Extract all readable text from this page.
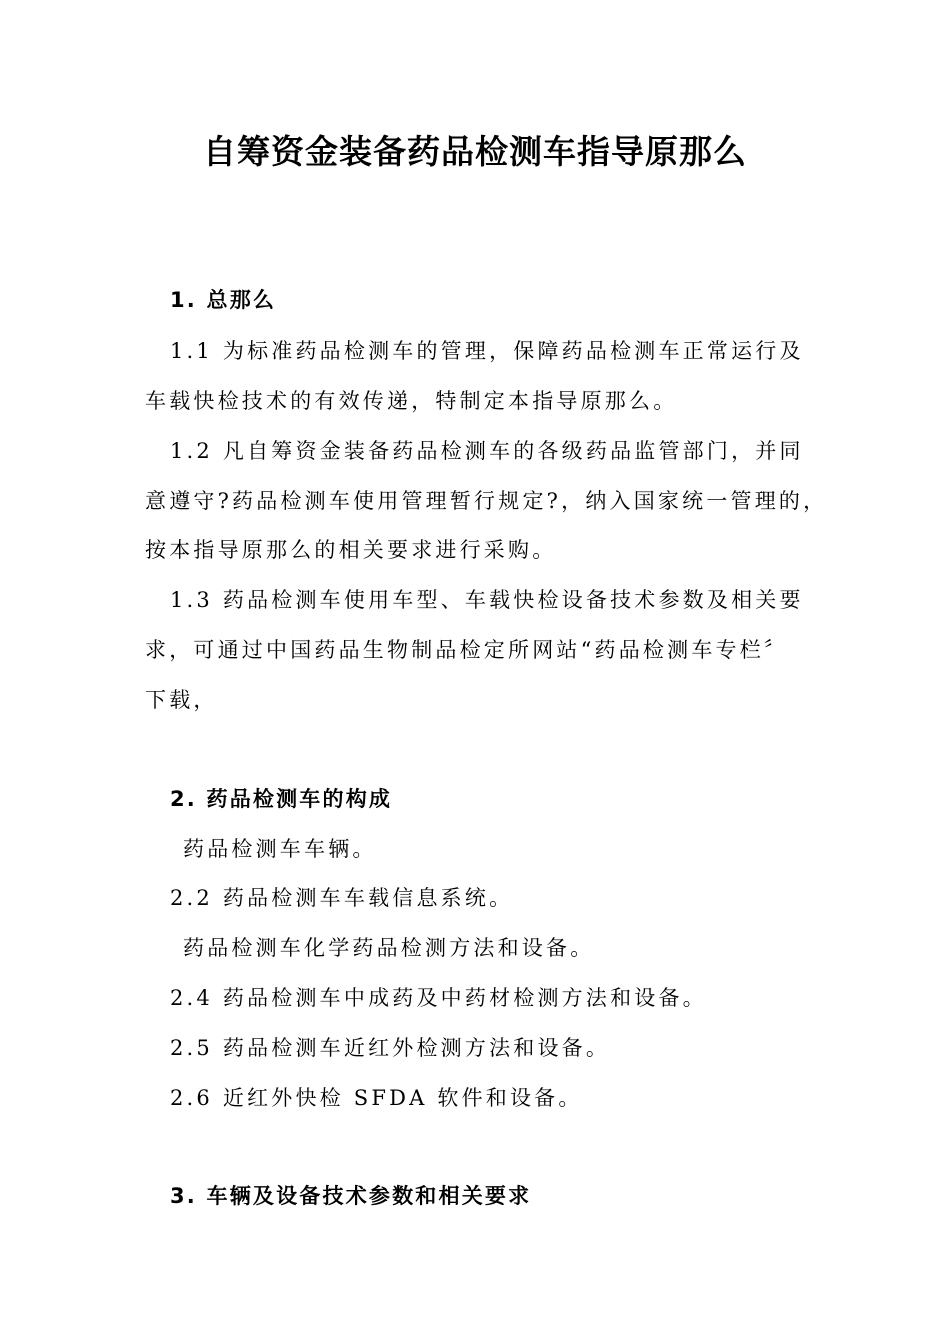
自筹资金装备药品检测车指导原那么

1. 总那么

1.1 为标准药品检测车的管理，保障药品检测车正常运行及

车载快检技术的有效传递，特制定本指导原那么。

1.2 凡自筹资金装备药品检测车的各级药品监管部门，并同

意遵守?药品检测车使用管理暂行规定?，纳入国家统一管理的，

按本指导原那么的相关要求进行采购。

1.3 药品检测车使用车型、车载快检设备技术参数及相关要

求，可通过中国药品生物制品检定所网站“药品检测车专栏〞

下载，

2. 药品检测车的构成

药品检测车车辆。

2.2 药品检测车车载信息系统。

药品检测车化学药品检测方法和设备。

2.4 药品检测车中成药及中药材检测方法和设备。

2.5 药品检测车近红外检测方法和设备。

2.6 近红外快检 SFDA 软件和设备。

3. 车辆及设备技术参数和相关要求
